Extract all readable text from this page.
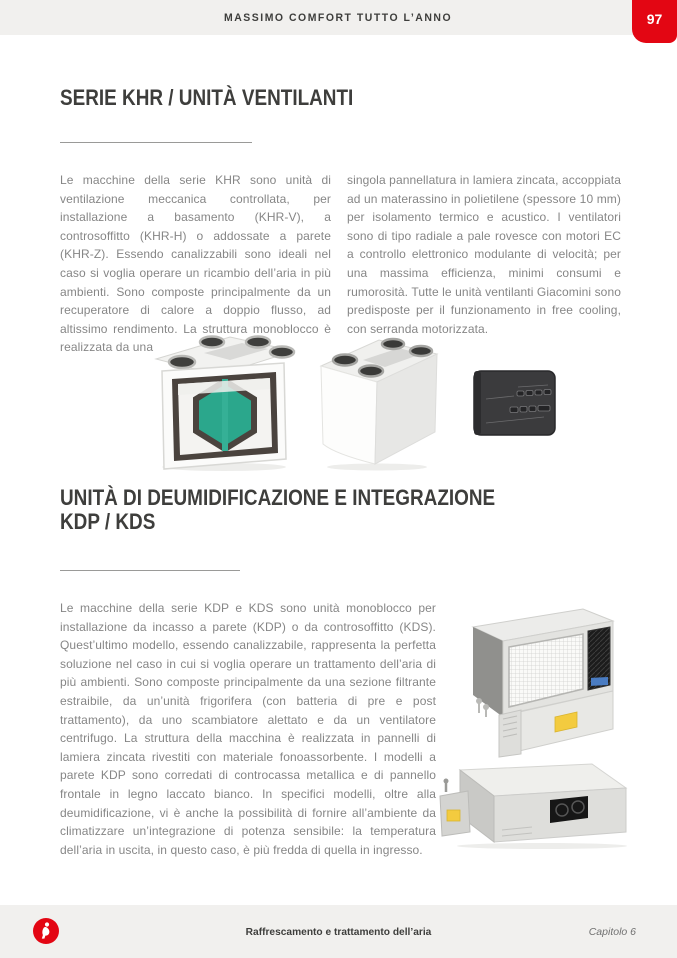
MASSIMO COMFORT TUTTO L’ANNO	97
SERIE KHR / UNITÀ VENTILANTI
Le macchine della serie KHR sono unità di ventilazione meccanica controllata, per installazione a basamento (KHR-V), a controsoffitto (KHR-H) o addossate a parete (KHR-Z). Essendo canalizzabili sono ideali nel caso si voglia operare un ricambio dell’aria in più ambienti. Sono composte principalmente da un recuperatore di calore a doppio flusso, ad altissimo rendimento. La struttura monoblocco è realizzata da una
singola pannellatura in lamiera zincata, accoppiata ad un materassino in polietilene (spessore 10 mm) per isolamento termico e acustico. I ventilatori sono di tipo radiale a pale rovesce con motori EC a controllo elettronico modulante di velocità; per una massima efficienza, minimi consumi e rumorosità. Tutte le unità ventilanti Giacomini sono predisposte per il funzionamento in free cooling, con serranda motorizzata.
UNITÀ DI DEUMIDIFICAZIONE E INTEGRAZIONE
KDP / KDS
Le macchine della serie KDP e KDS sono unità monoblocco per installazione da incasso a parete (KDP) o da controsoffitto (KDS). Quest’ultimo modello, essendo canalizzabile, rappresenta la perfetta soluzione nel caso in cui si voglia operare un trattamento dell’aria di più ambienti. Sono composte principalmente da una sezione filtrante estraibile, da un’unità frigorifera (con batteria di pre e post trattamento), da uno scambiatore alettato e da un ventilatore centrifugo. La struttura della macchina è realizzata in pannelli di lamiera zincata rivestiti con materiale fonoassorbente. I modelli a parete KDP sono corredati di controcassa metallica e di pannello frontale in legno laccato bianco. In specifici modelli, oltre alla deumidificazione, vi è anche la possibilità di fornire all’ambiente da climatizzare un’integrazione di potenza sensibile: la temperatura dell’aria in uscita, in questo caso, è più fredda di quella in ingresso.
Raffrescamento e trattamento dell’aria	Capitolo 6
